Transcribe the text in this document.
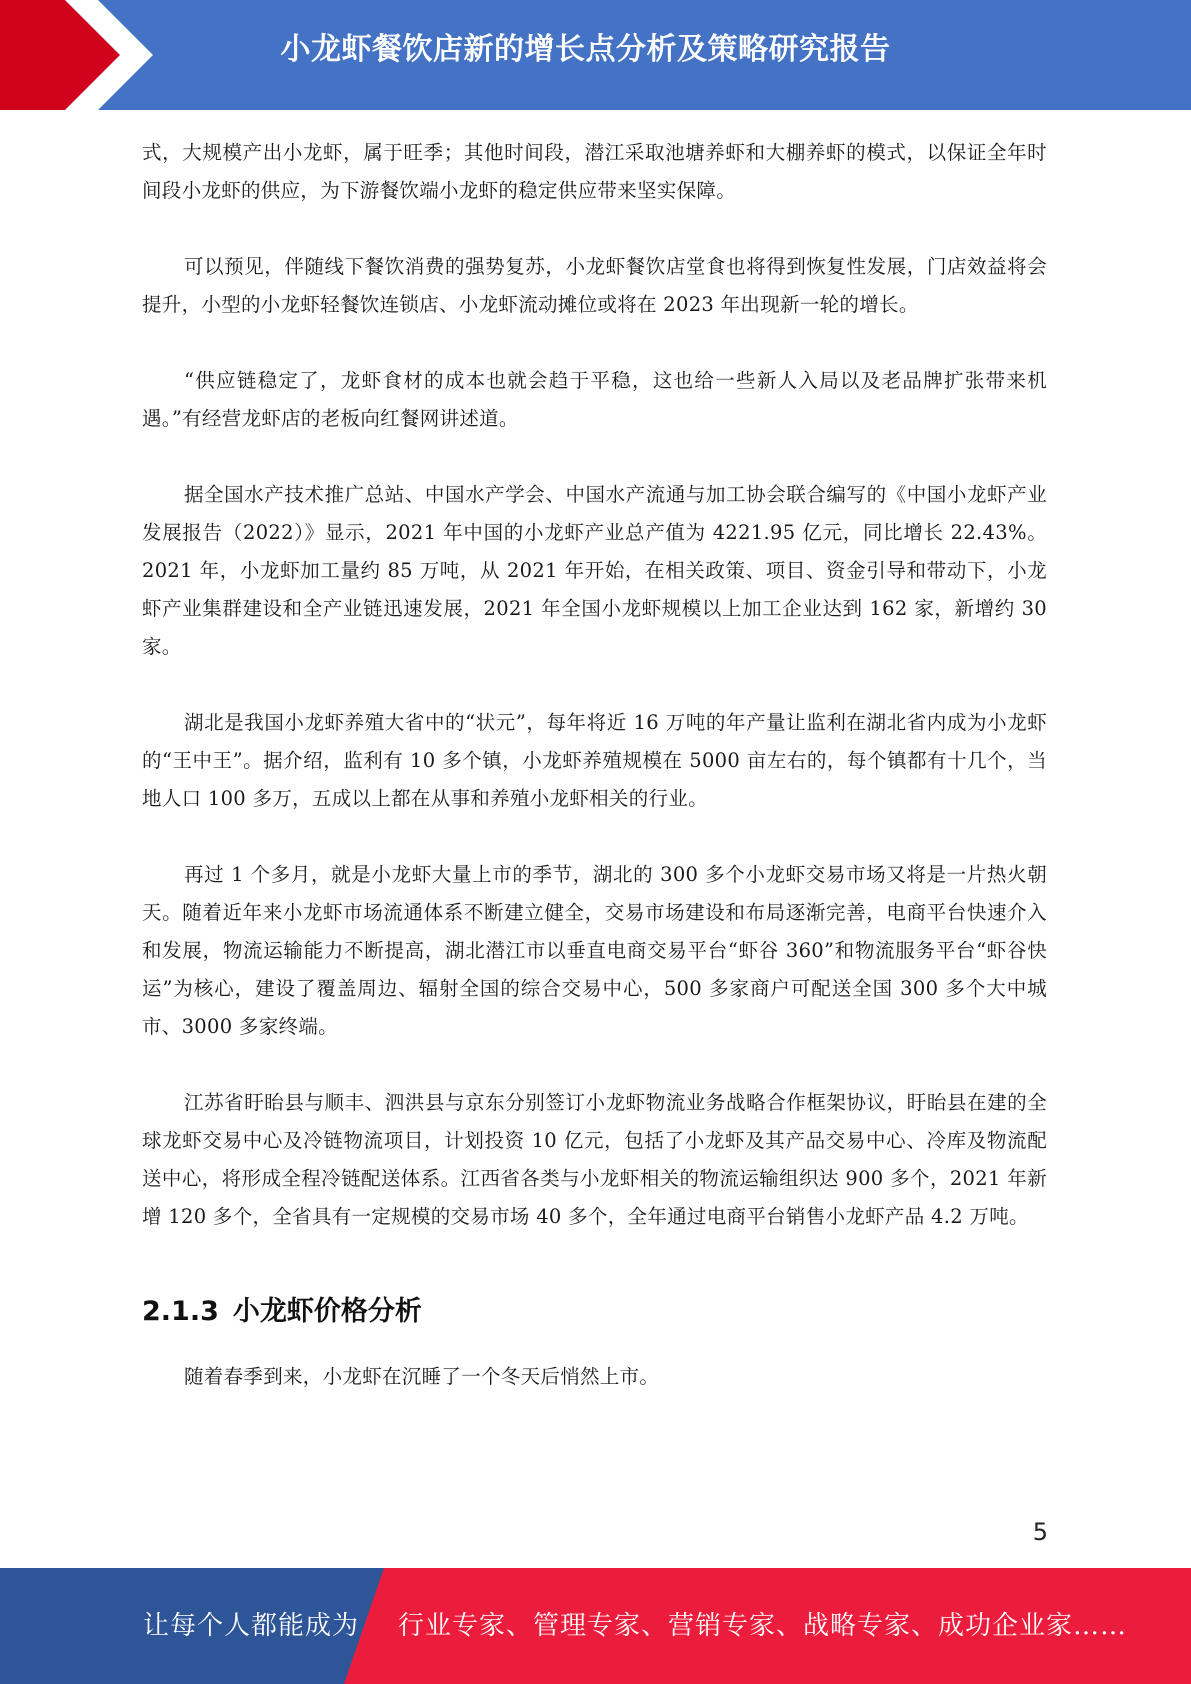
小龙虾餐饮店新的增长点分析及策略研究报告

式，大规模产出小龙虾，属于旺季；其他时间段，潜江采取池塘养虾和大棚养虾的模式，以保证全年时间段小龙虾的供应，为下游餐饮端小龙虾的稳定供应带来坚实保障。

可以预见，伴随线下餐饮消费的强势复苏，小龙虾餐饮店堂食也将得到恢复性发展，门店效益将会提升，小型的小龙虾轻餐饮连锁店、小龙虾流动摊位或将在 2023 年出现新一轮的增长。

“供应链稳定了，龙虾食材的成本也就会趋于平稳，这也给一些新人入局以及老品牌扩张带来机遇。”有经营龙虾店的老板向红餐网讲述道。

据全国水产技术推广总站、中国水产学会、中国水产流通与加工协会联合编写的《中国小龙虾产业发展报告（2022）》显示，2021 年中国的小龙虾产业总产值为 4221.95 亿元，同比增长 22.43%。2021 年，小龙虾加工量约 85 万吨，从 2021 年开始，在相关政策、项目、资金引导和带动下，小龙虾产业集群建设和全产业链迅速发展，2021 年全国小龙虾规模以上加工企业达到 162 家，新增约 30 家。

湖北是我国小龙虾养殖大省中的“状元”，每年将近 16 万吨的年产量让监利在湖北省内成为小龙虾的“王中王”。据介绍，监利有 10 多个镇，小龙虾养殖规模在 5000 亩左右的，每个镇都有十几个，当地人口 100 多万，五成以上都在从事和养殖小龙虾相关的行业。

再过 1 个多月，就是小龙虾大量上市的季节，湖北的 300 多个小龙虾交易市场又将是一片热火朝天。随着近年来小龙虾市场流通体系不断建立健全，交易市场建设和布局逐渐完善，电商平台快速介入和发展，物流运输能力不断提高，湖北潜江市以垂直电商交易平台“虾谷 360”和物流服务平台“虾谷快运”为核心，建设了覆盖周边、辐射全国的综合交易中心，500 多家商户可配送全国 300 多个大中城市、3000 多家终端。

江苏省盱眙县与顺丰、泗洪县与京东分别签订小龙虾物流业务战略合作框架协议，盱眙县在建的全球龙虾交易中心及冷链物流项目，计划投资 10 亿元，包括了小龙虾及其产品交易中心、冷库及物流配送中心，将形成全程冷链配送体系。江西省各类与小龙虾相关的物流运输组织达 900 多个，2021 年新增 120 多个，全省具有一定规模的交易市场 40 多个，全年通过电商平台销售小龙虾产品 4.2 万吨。

2.1.3 小龙虾价格分析

随着春季到来，小龙虾在沉睡了一个冬天后悄然上市。

5
让每个人都能成为 行业专家、管理专家、营销专家、战略专家、成功企业家……
